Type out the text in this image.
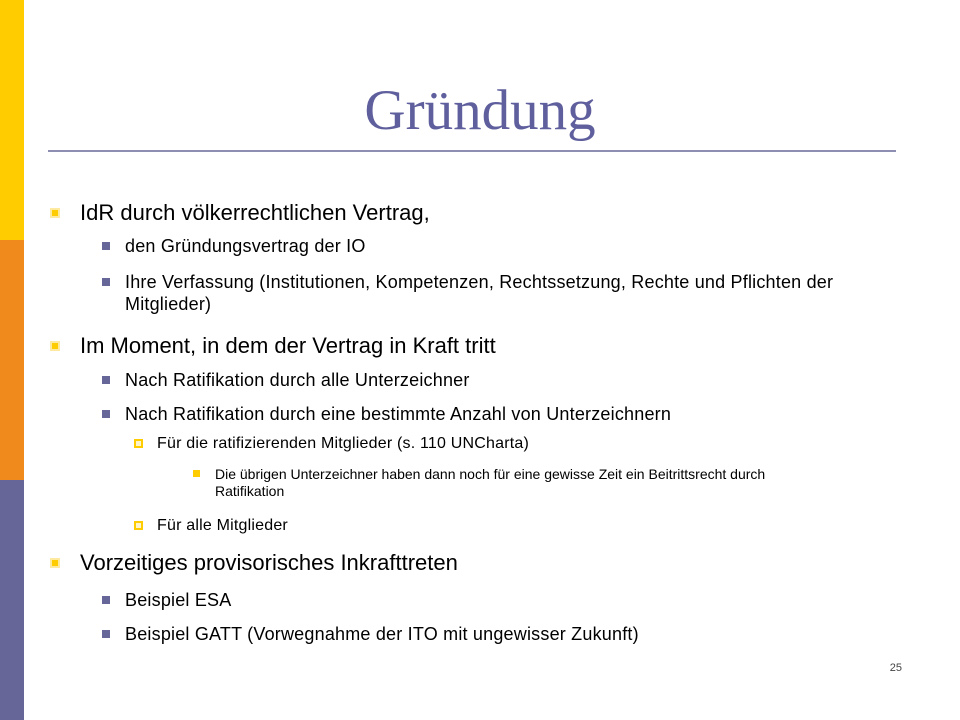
Gründung
IdR durch völkerrechtlichen Vertrag,
den Gründungsvertrag der IO
Ihre Verfassung (Institutionen, Kompetenzen, Rechtssetzung, Rechte und Pflichten der Mitglieder)
Im Moment, in dem der Vertrag in Kraft tritt
Nach Ratifikation durch alle Unterzeichner
Nach Ratifikation durch eine bestimmte Anzahl von Unterzeichnern
Für die ratifizierenden Mitglieder (s. 110 UNCharta)
Die übrigen Unterzeichner haben dann noch für eine gewisse Zeit ein Beitrittsrecht durch Ratifikation
Für alle Mitglieder
Vorzeitiges provisorisches Inkrafttreten
Beispiel ESA
Beispiel GATT (Vorwegnahme der ITO mit ungewisser Zukunft)
25
